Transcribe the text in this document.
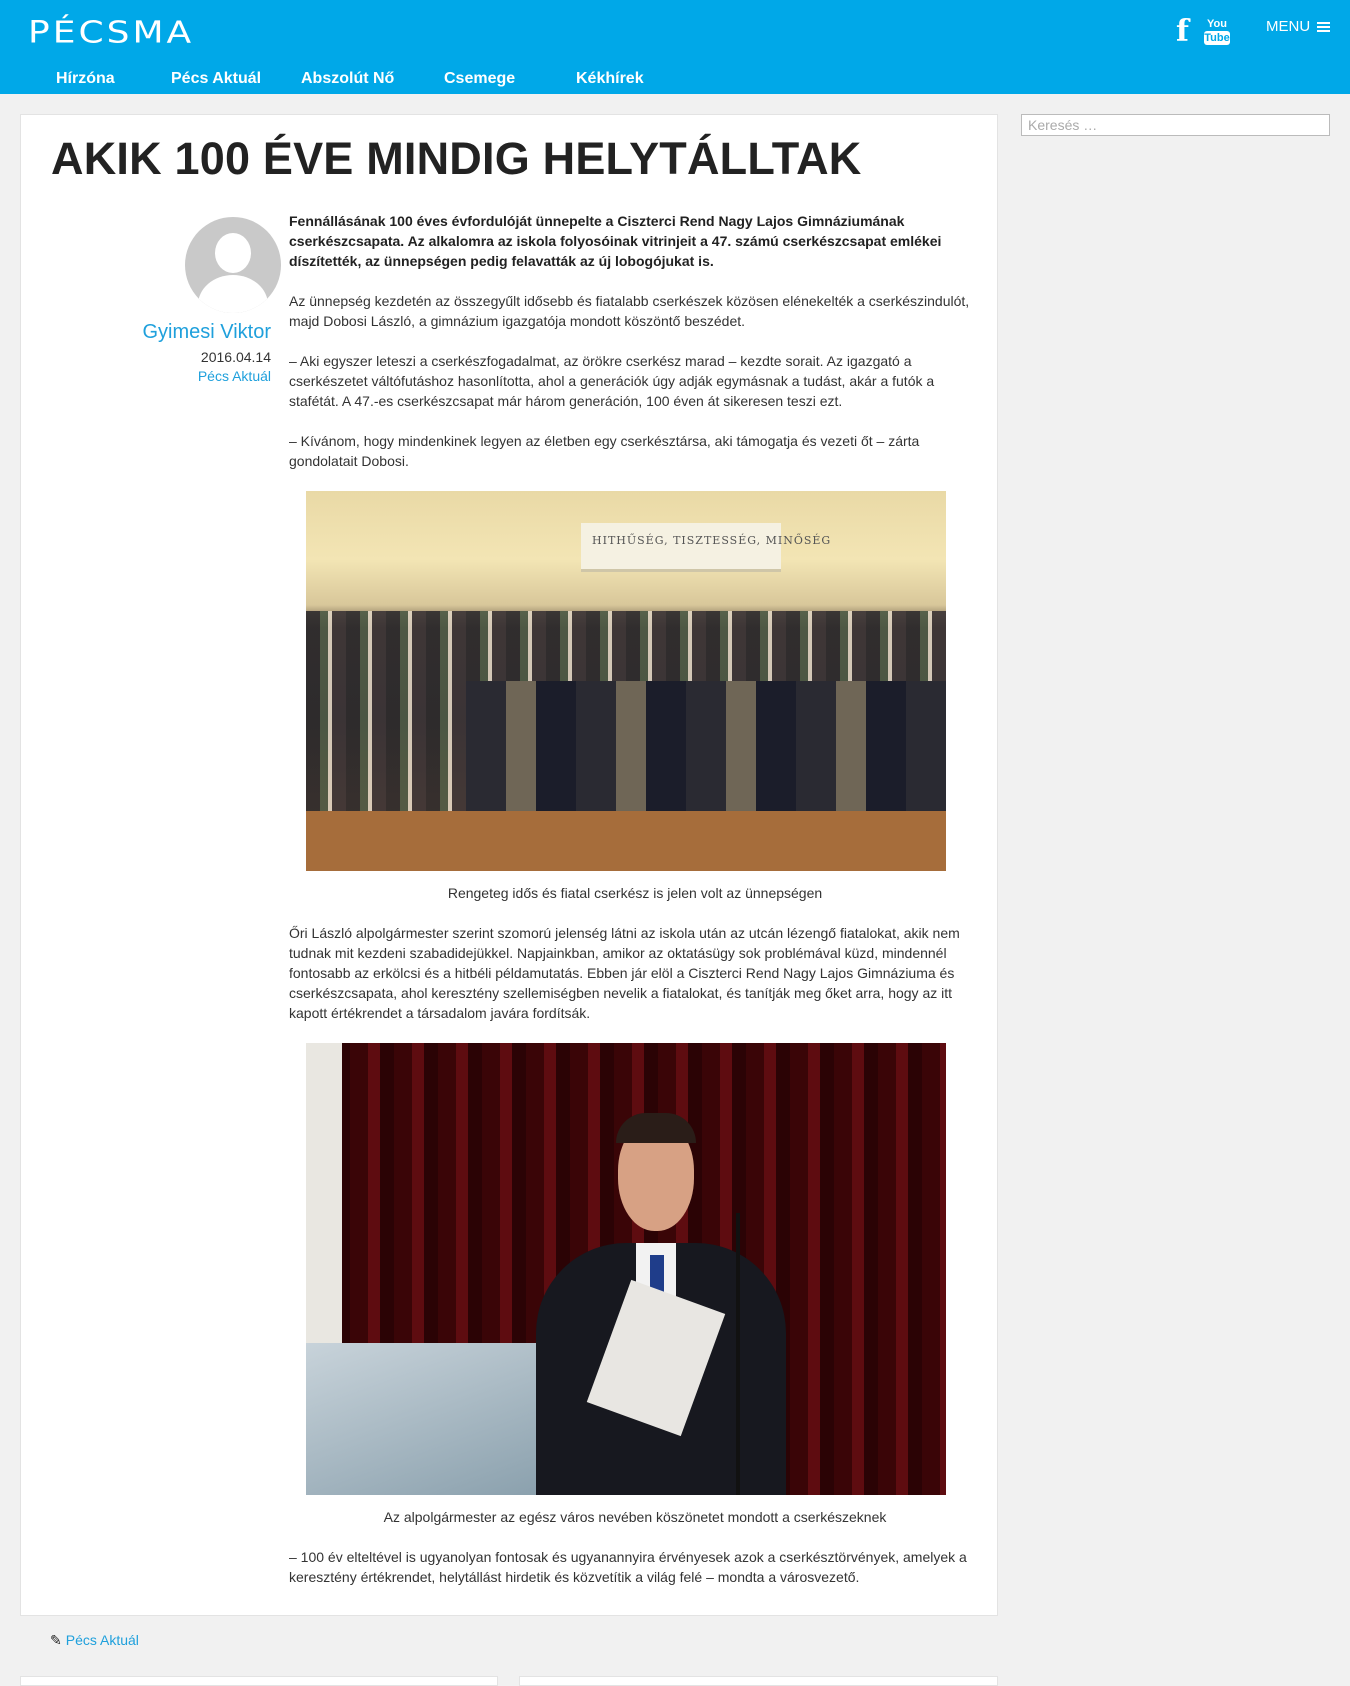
PÉCSMA	f You
Tube
MENU
Hírzóna	Pécs Aktuál Abszolút Nő	Csemege	Kékhírek
Keresés …
AKIK 100 ÉVE MINDIG HELYTÁLLTAK
Gyimesi Viktor
2016.04.14
Pécs Aktuál

Fennállásának 100 éves évfordulóját ünnepelte a Ciszterci Rend Nagy Lajos Gimnáziumának cserkészcsapata. Az alkalomra az iskola folyosóinak vitrinjeit a 47. számú cserkészcsapat emlékei díszítették, az ünnepségen pedig felavatták az új lobogójukat is.

Az ünnepség kezdetén az összegyűlt idősebb és fiatalabb cserkészek közösen elénekelték a cserkészindulót, majd Dobosi László, a gimnázium igazgatója mondott köszöntő beszédet.

– Aki egyszer leteszi a cserkészfogadalmat, az örökre cserkész marad – kezdte sorait. Az igazgató a cserkészetet váltófutáshoz hasonlította, ahol a generációk úgy adják egymásnak a tudást, akár a futók a stafétát. A 47.-es cserkészcsapat már három generáción, 100 éven át sikeresen teszi ezt.

– Kívánom, hogy mindenkinek legyen az életben egy cserkésztársa, aki támogatja és vezeti őt – zárta gondolatait Dobosi.

HITHŰSÉG, TISZTESSÉG, MINŐSÉG
Rengeteg idős és fiatal cserkész is jelen volt az ünnepségen

Őri László alpolgármester szerint szomorú jelenség látni az iskola után az utcán lézengő fiatalokat, akik nem tudnak mit kezdeni szabadidejükkel. Napjainkban, amikor az oktatásügy sok problémával küzd, mindennél fontosabb az erkölcsi és a hitbéli példamutatás. Ebben jár elöl a Ciszterci Rend Nagy Lajos Gimnáziuma és cserkészcsapata, ahol keresztény szellemiségben nevelik a fiatalokat, és tanítják meg őket arra, hogy az itt kapott értékrendet a társadalom javára fordítsák.

Az alpolgármester az egész város nevében köszönetet mondott a cserkészeknek

– 100 év elteltével is ugyanolyan fontosak és ugyanannyira érvényesek azok a cserkésztörvények, amelyek a keresztény értékrendet, helytállást hirdetik és közvetítik a világ felé – mondta a városvezető.

✎ Pécs Aktuál
